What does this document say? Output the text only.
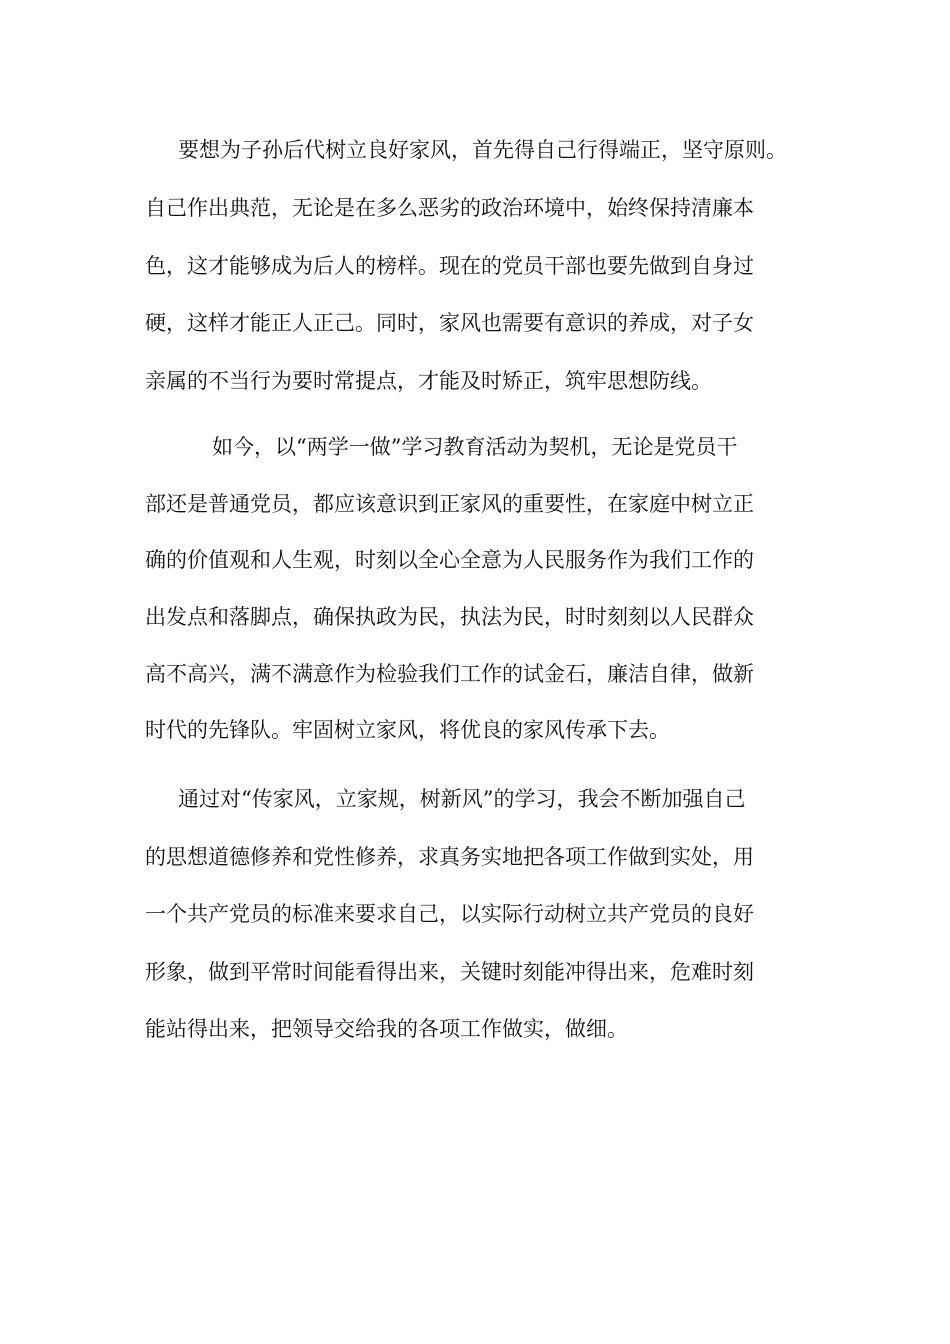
要想为子孙后代树立良好家风，首先得自己行得端正，坚守原则。

自己作出典范，无论是在多么恶劣的政治环境中，始终保持清廉本

色，这才能够成为后人的榜样。现在的党员干部也要先做到自身过

硬，这样才能正人正己。同时，家风也需要有意识的养成，对子女

亲属的不当行为要时常提点，才能及时矫正，筑牢思想防线。

如今，以“两学一做”学习教育活动为契机，无论是党员干

部还是普通党员，都应该意识到正家风的重要性，在家庭中树立正

确的价值观和人生观，时刻以全心全意为人民服务作为我们工作的

出发点和落脚点，确保执政为民，执法为民，时时刻刻以人民群众

高不高兴，满不满意作为检验我们工作的试金石，廉洁自律，做新

时代的先锋队。牢固树立家风，将优良的家风传承下去。

通过对“传家风，立家规，树新风”的学习，我会不断加强自己

的思想道德修养和党性修养，求真务实地把各项工作做到实处，用

一个共产党员的标准来要求自己，以实际行动树立共产党员的良好

形象，做到平常时间能看得出来，关键时刻能冲得出来，危难时刻

能站得出来，把领导交给我的各项工作做实，做细。
